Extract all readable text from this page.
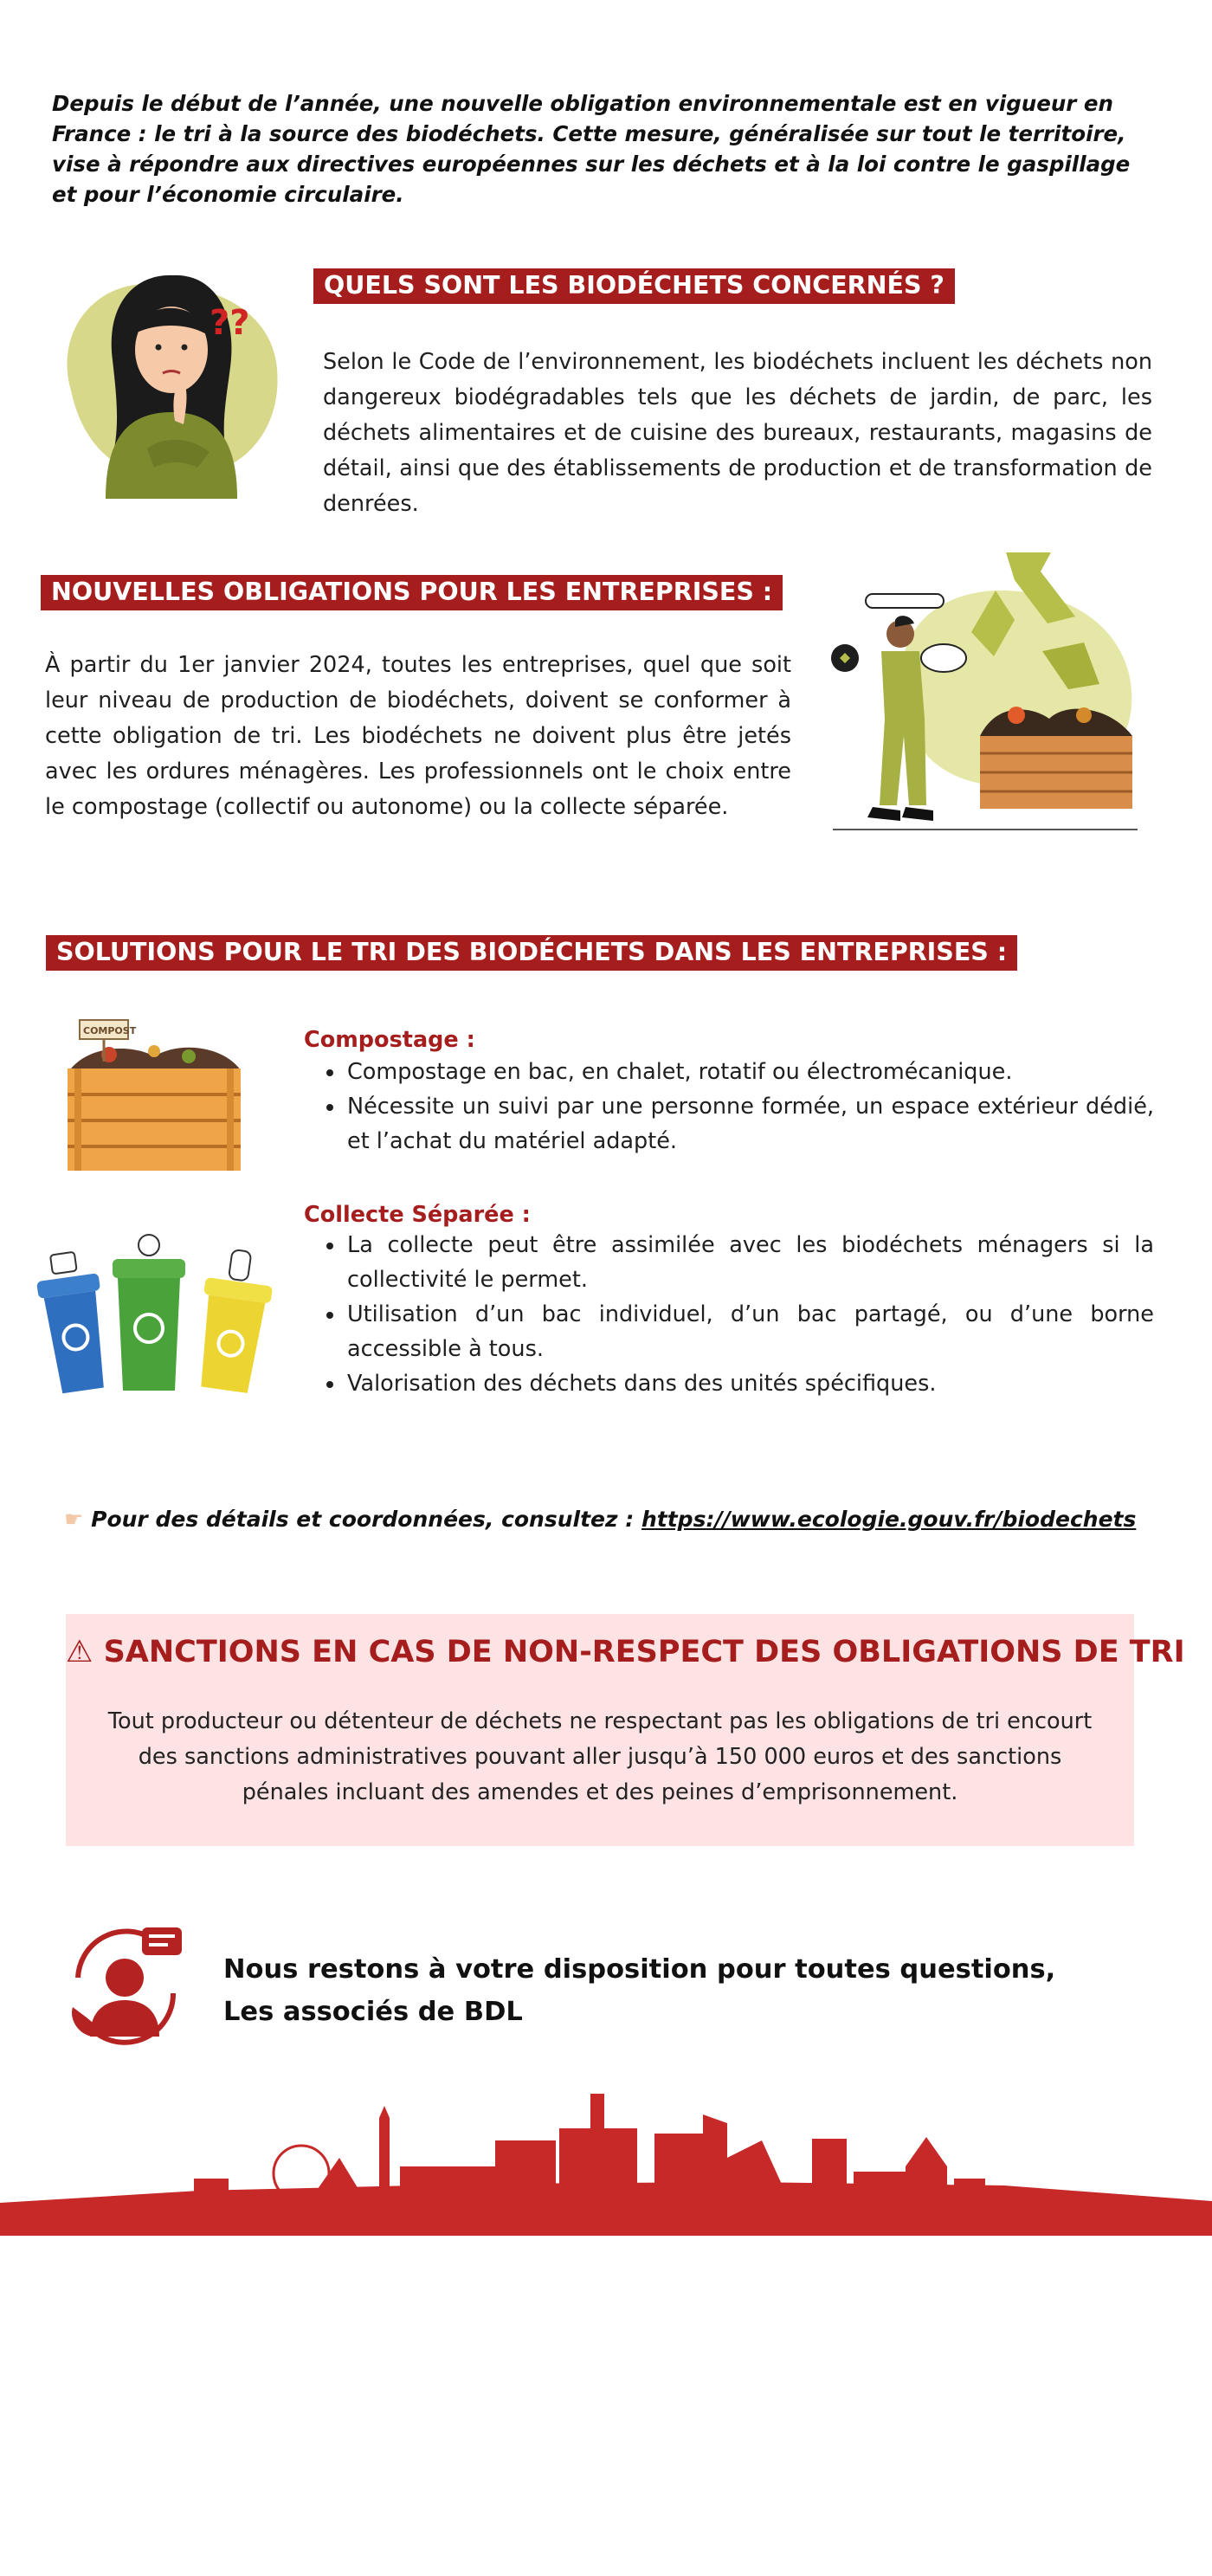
Depuis le début de l’année, une nouvelle obligation environnementale est en vigueur en France : le tri à la source des biodéchets. Cette mesure, généralisée sur tout le territoire, vise à répondre aux directives européennes sur les déchets et à la loi contre le gaspillage et pour l’économie circulaire.
??
QUELS SONT LES BIODÉCHETS CONCERNÉS ?
Selon le Code de l’environnement, les biodéchets incluent les déchets non dangereux biodégradables tels que les déchets de jardin, de parc, les déchets alimentaires et de cuisine des bureaux, restaurants, magasins de détail, ainsi que des établissements de production et de transformation de denrées.
NOUVELLES OBLIGATIONS POUR LES ENTREPRISES :
À partir du 1er janvier 2024, toutes les entreprises, quel que soit leur niveau de production de biodéchets, doivent se conformer à cette obligation de tri. Les biodéchets ne doivent plus être jetés avec les ordures ménagères. Les professionnels ont le choix entre le compostage (collectif ou autonome) ou la collecte séparée.
SOLUTIONS POUR LE TRI DES BIODÉCHETS DANS LES ENTREPRISES :
COMPOST	Compostage :
• Compostage en bac, en chalet, rotatif ou électromécanique.
• Nécessite un suivi par une personne formée, un espace extérieur dédié, et l’achat du matériel adapté.
Collecte Séparée :
• La collecte peut être assimilée avec les biodéchets ménagers si la collectivité le permet.
• Utilisation d’un bac individuel, d’un bac partagé, ou d’une borne accessible à tous.
• Valorisation des déchets dans des unités spécifiques.
☛ Pour des détails et coordonnées, consultez : https://www.ecologie.gouv.fr/biodechets
⚠ SANCTIONS EN CAS DE NON-RESPECT DES OBLIGATIONS DE TRI
Tout producteur ou détenteur de déchets ne respectant pas les obligations de tri encourt des sanctions administratives pouvant aller jusqu’à 150 000 euros et des sanctions pénales incluant des amendes et des peines d’emprisonnement.
Nous restons à votre disposition pour toutes questions,
Les associés de BDL
